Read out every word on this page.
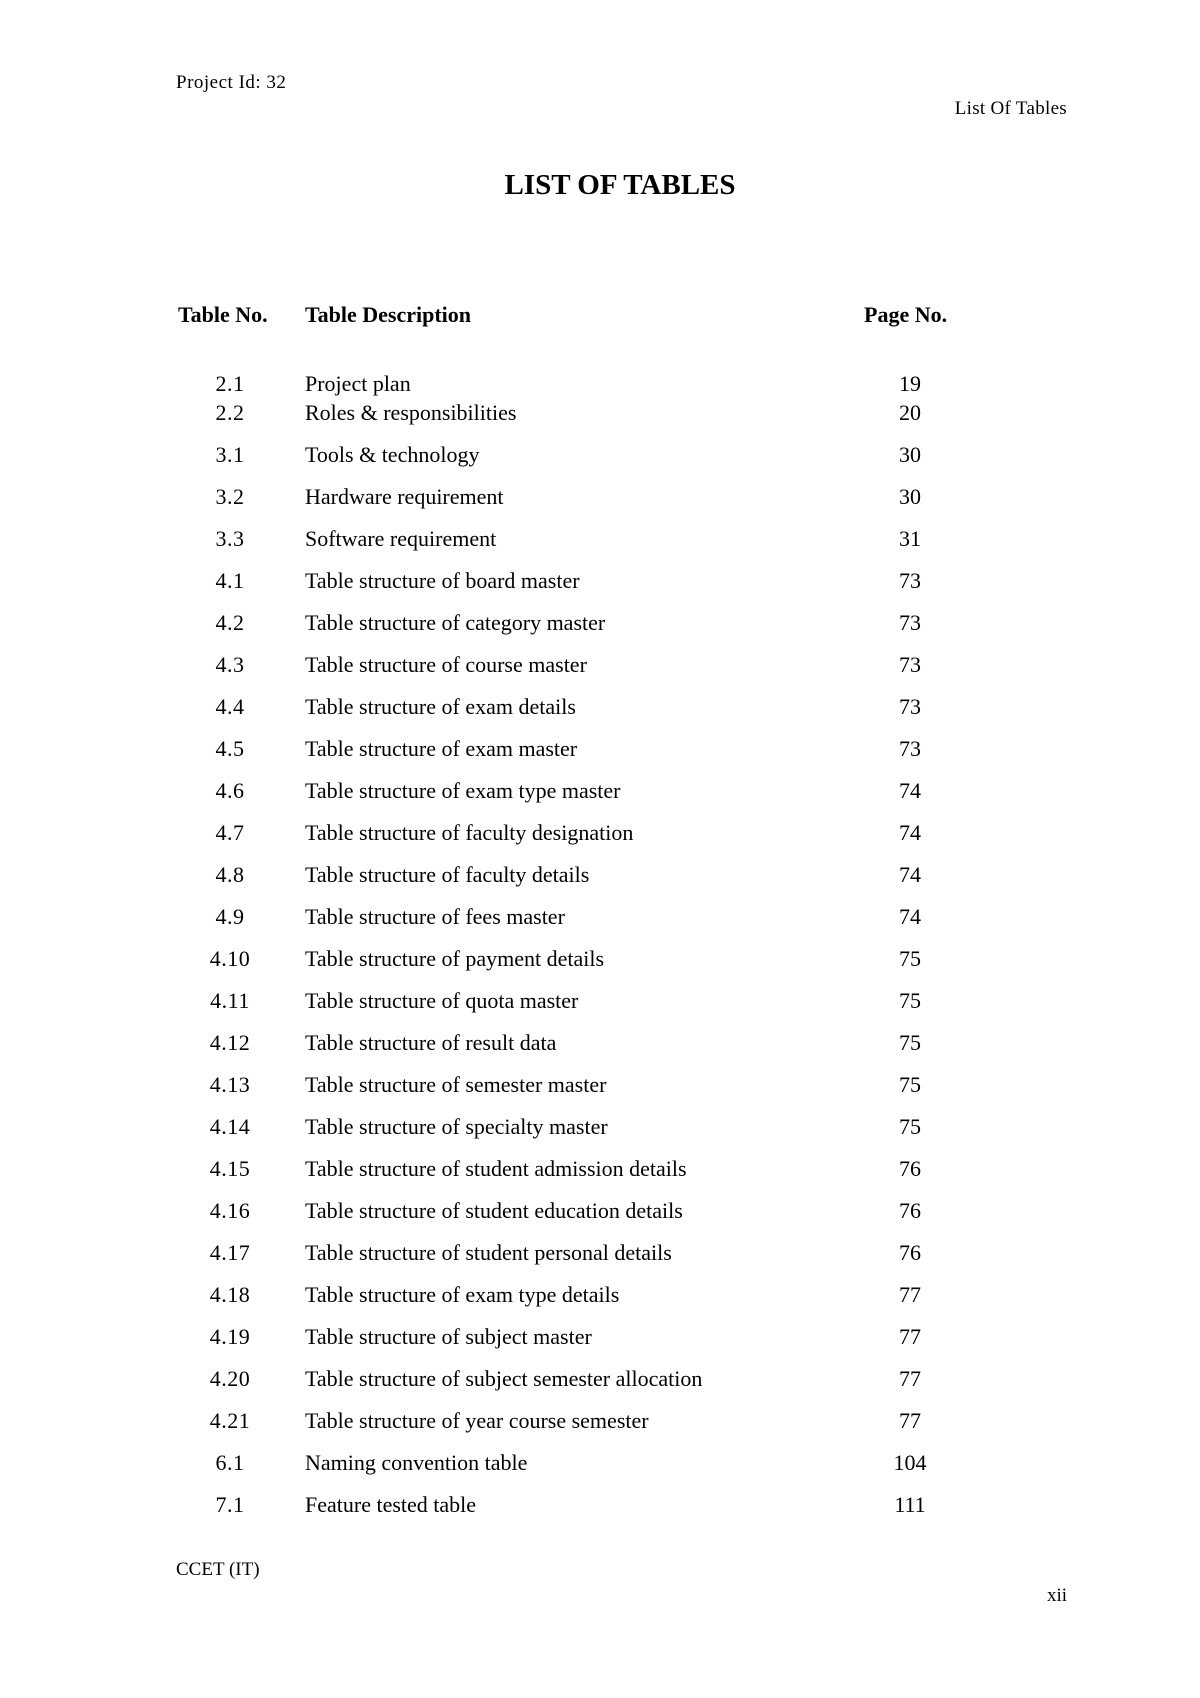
Project Id: 32
List Of Tables
LIST OF TABLES
Table No. Table Description	Page No.
2.1	Project plan	19
2.2	Roles & responsibilities	20
3.1	Tools & technology	30
3.2	Hardware requirement	30
3.3	Software requirement	31
4.1	Table structure of board master	73
4.2	Table structure of category master	73
4.3	Table structure of course master	73
4.4	Table structure of exam details	73
4.5	Table structure of exam master	73
4.6	Table structure of exam type master	74
4.7	Table structure of faculty designation	74
4.8	Table structure of faculty details	74
4.9	Table structure of fees master	74
4.10	Table structure of payment details	75
4.11	Table structure of quota master	75
4.12	Table structure of result data	75
4.13	Table structure of semester master	75
4.14	Table structure of specialty master	75
4.15	Table structure of student admission details	76
4.16	Table structure of student education details	76
4.17	Table structure of student personal details	76
4.18	Table structure of exam type details	77
4.19	Table structure of subject master	77
4.20	Table structure of subject semester allocation	77
4.21	Table structure of year course semester	77
6.1	Naming convention table	104
7.1	Feature tested table	111
CCET (IT)
xii
